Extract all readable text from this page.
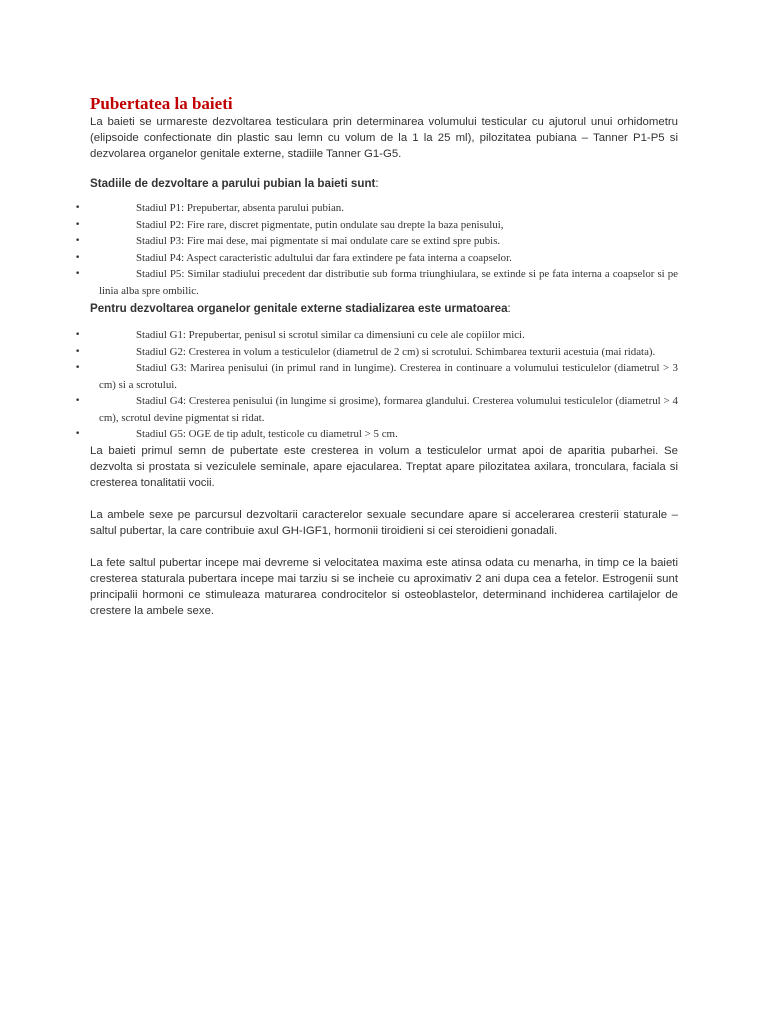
Pubertatea la baieti

La baieti se urmareste dezvoltarea testiculara prin determinarea volumului testicular cu ajutorul unui orhidometru (elipsoide confectionate din plastic sau lemn cu volum de la 1 la 25 ml), pilozitatea pubiana – Tanner P1-P5 si dezvolarea organelor genitale externe, stadiile Tanner G1-G5.

Stadiile de dezvoltare a parului pubian la baieti sunt:

•	Stadiul P1: Prepubertar, absenta parului pubian.
•	Stadiul P2: Fire rare, discret pigmentate, putin ondulate sau drepte la baza penisului,
•	Stadiul P3: Fire mai dese, mai pigmentate si mai ondulate care se extind spre pubis.
•	Stadiul P4: Aspect caracteristic adultului dar fara extindere pe fata interna a coapselor.
•	Stadiul P5: Similar stadiului precedent dar distributie sub forma triunghiulara, se extinde si pe fata interna a coapselor si pe linia alba spre ombilic.

Pentru dezvoltarea organelor genitale externe stadializarea este urmatoarea:

•	Stadiul G1: Prepubertar, penisul si scrotul similar ca dimensiuni cu cele ale copiilor mici.
•	Stadiul G2: Cresterea in volum a testiculelor (diametrul de 2 cm) si scrotului. Schimbarea texturii acestuia (mai ridata).
•	Stadiul G3: Marirea penisului (in primul rand in lungime). Cresterea in continuare a volumului testiculelor (diametrul > 3 cm) si a scrotului.
•	Stadiul G4: Cresterea penisului (in lungime si grosime), formarea glandului. Cresterea volumului testiculelor (diametrul > 4 cm), scrotul devine pigmentat si ridat.
•	Stadiul G5: OGE de tip adult, testicole cu diametrul > 5 cm.

La baieti primul semn de pubertate este cresterea in volum a testiculelor urmat apoi de aparitia pubarhei. Se dezvolta si prostata si veziculele seminale, apare ejacularea. Treptat apare pilozitatea axilara, tronculara, faciala si cresterea tonalitatii vocii.

La ambele sexe pe parcursul dezvoltarii caracterelor sexuale secundare apare si accelerarea cresterii staturale – saltul pubertar, la care contribuie axul GH-IGF1, hormonii tiroidieni si cei steroidieni gonadali.

La fete saltul pubertar incepe mai devreme si velocitatea maxima este atinsa odata cu menarha, in timp ce la baieti cresterea staturala pubertara incepe mai tarziu si se incheie cu aproximativ 2 ani dupa cea a fetelor. Estrogenii sunt principalii hormoni ce stimuleaza maturarea condrocitelor si osteoblastelor, determinand inchiderea cartilajelor de crestere la ambele sexe.
